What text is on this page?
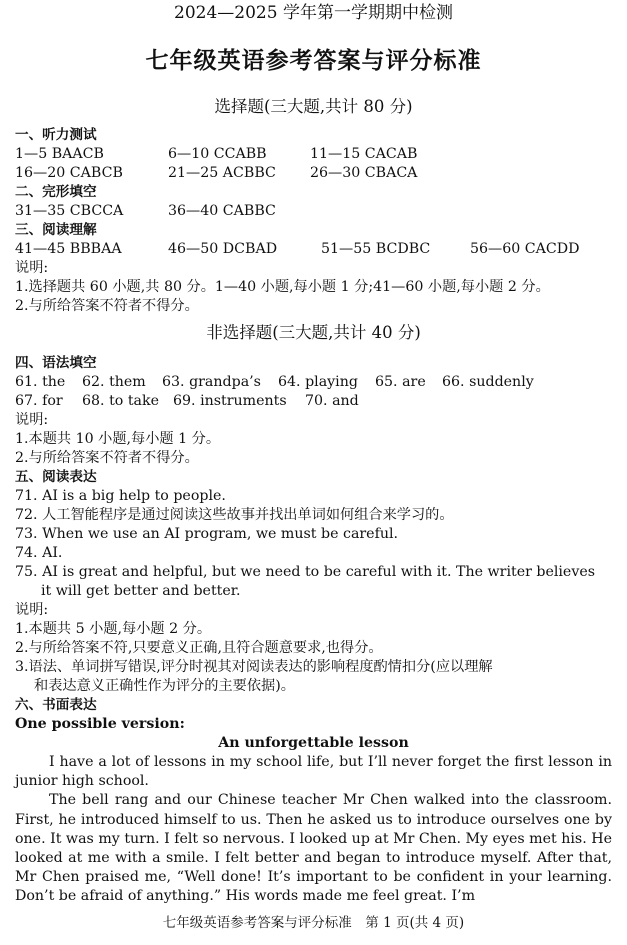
2024—2025 学年第一学期期中检测
七年级英语参考答案与评分标准
选择题(三大题,共计 80 分)
一、听力测试
1—5 BAACB	6—10 CCABB	11—15 CACAB
16—20 CABCB	21—25 ACBBC 26—30 CBACA
二、完形填空
31—35 CBCCA	36—40 CABBC
三、阅读理解
41—45 BBBAA	46—50 DCBAD	51—55 BCDBC	56—60 CACDD
说明:
1.选择题共 60 小题,共 80 分。1—40 小题,每小题 1 分;41—60 小题,每小题 2 分。
2.与所给答案不符者不得分。
非选择题(三大题,共计 40 分)
四、语法填空
61. the 62. them 63. grandpa’s 64. playing 65. are 66. suddenly
67. for 68. to take 69. instruments 70. and
说明:
1.本题共 10 小题,每小题 1 分。
2.与所给答案不符者不得分。
五、阅读表达
71. AI is a big help to people.
72. 人工智能程序是通过阅读这些故事并找出单词如何组合来学习的。
73. When we use an AI program, we must be careful.
74. AI.
75. AI is great and helpful, but we need to be careful with it. The writer believes
it will get better and better.
说明:
1.本题共 5 小题,每小题 2 分。
2.与所给答案不符,只要意义正确,且符合题意要求,也得分。
3.语法、单词拼写错误,评分时视其对阅读表达的影响程度酌情扣分(应以理解
和表达意义正确性作为评分的主要依据)。
六、书面表达
One possible version:
An unforgettable lesson

I have a lot of lessons in my school life, but I’ll never forget the first lesson in junior high school.

The bell rang and our Chinese teacher Mr Chen walked into the classroom. First, he introduced himself to us. Then he asked us to introduce ourselves one by one. It was my turn. I felt so nervous. I looked up at Mr Chen. My eyes met his. He looked at me with a smile. I felt better and began to introduce myself. After that, Mr Chen praised me, “Well done! It’s important to be confident in your learning. Don’t be afraid of anything.” His words made me feel great. I’m

七年级英语参考答案与评分标准　第 1 页(共 4 页)
